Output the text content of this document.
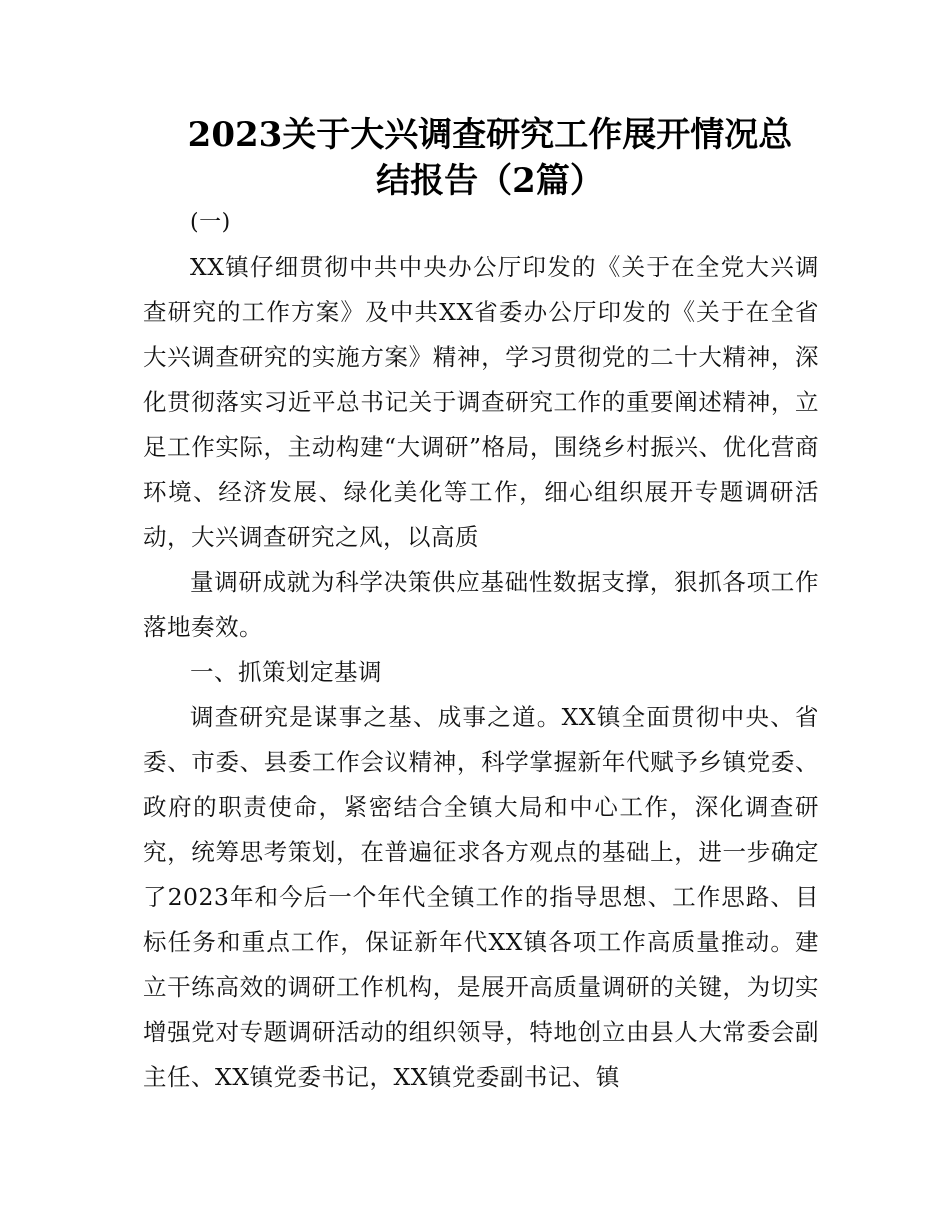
2023关于大兴调查研究工作展开情况总
结报告（2篇）

(一)

XX镇仔细贯彻中共中央办公厅印发的《关于在全党大兴调查研究的工作方案》及中共XX省委办公厅印发的《关于在全省大兴调查研究的实施方案》精神，学习贯彻党的二十大精神，深化贯彻落实习近平总书记关于调查研究工作的重要阐述精神，立足工作实际，主动构建“大调研”格局，围绕乡村振兴、优化营商环境、经济发展、绿化美化等工作，细心组织展开专题调研活动，大兴调查研究之风，以高质

量调研成就为科学决策供应基础性数据支撑，狠抓各项工作落地奏效。

一、抓策划定基调

调查研究是谋事之基、成事之道。XX镇全面贯彻中央、省委、市委、县委工作会议精神，科学掌握新年代赋予乡镇党委、政府的职责使命，紧密结合全镇大局和中心工作，深化调查研究，统筹思考策划，在普遍征求各方观点的基础上，进一步确定了2023年和今后一个年代全镇工作的指导思想、工作思路、目标任务和重点工作，保证新年代XX镇各项工作高质量推动。建立干练高效的调研工作机构，是展开高质量调研的关键，为切实增强党对专题调研活动的组织领导，特地创立由县人大常委会副主任、XX镇党委书记，XX镇党委副书记、镇
